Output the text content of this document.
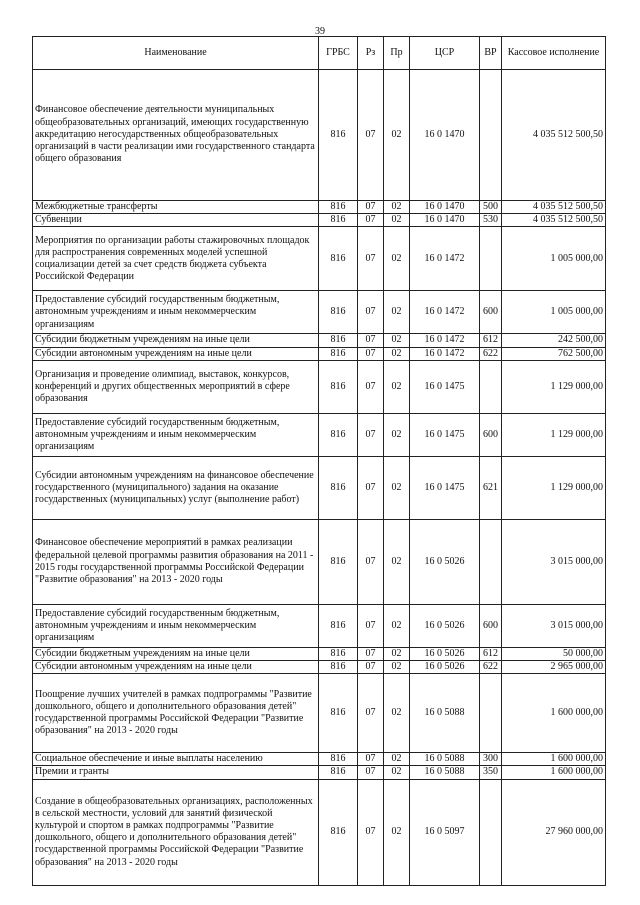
39
Наименование	ГРБС	Рз	Пр	ЦСР	ВР	Кассовое исполнение
Финансовое обеспечение деятельности муниципальных общеобразовательных организаций, имеющих государственную аккредитацию негосударственных общеобразовательных организаций в части реализации ими государственного стандарта общего образования	816	07	02	16 0 1470		4 035 512 500,50
Межбюджетные трансферты	816	07	02	16 0 1470	500	4 035 512 500,50
Субвенции	816	07	02	16 0 1470	530	4 035 512 500,50
Мероприятия по организации работы стажировочных площадок для распространения современных моделей успешной социализации детей за счет средств бюджета субъекта Российской Федерации	816	07	02	16 0 1472		1 005 000,00
Предоставление субсидий государственным бюджетным, автономным учреждениям и иным некоммерческим организациям	816	07	02	16 0 1472	600	1 005 000,00
Субсидии бюджетным учреждениям на иные цели	816	07	02	16 0 1472	612	242 500,00
Субсидии автономным учреждениям на иные цели	816	07	02	16 0 1472	622	762 500,00
Организация и проведение олимпиад, выставок, конкурсов, конференций и других общественных мероприятий в сфере образования	816	07	02	16 0 1475		1 129 000,00
Предоставление субсидий государственным бюджетным, автономным учреждениям и иным некоммерческим организациям	816	07	02	16 0 1475	600	1 129 000,00
Субсидии автономным учреждениям на финансовое обеспечение государственного (муниципального) задания на оказание государственных (муниципальных) услуг (выполнение работ)	816	07	02	16 0 1475	621	1 129 000,00
Финансовое обеспечение мероприятий в рамках реализации федеральной целевой программы развития образования на 2011 - 2015 годы государственной программы Российской Федерации "Развитие образования" на 2013 - 2020 годы	816	07	02	16 0 5026		3 015 000,00
Предоставление субсидий государственным бюджетным, автономным учреждениям и иным некоммерческим организациям	816	07	02	16 0 5026	600	3 015 000,00
Субсидии бюджетным учреждениям на иные цели	816	07	02	16 0 5026	612	50 000,00
Субсидии автономным учреждениям на иные цели	816	07	02	16 0 5026	622	2 965 000,00
Поощрение лучших учителей в рамках подпрограммы "Развитие дошкольного, общего и дополнительного образования детей" государственной программы Российской Федерации "Развитие образования" на 2013 - 2020 годы	816	07	02	16 0 5088		1 600 000,00
Социальное обеспечение и иные выплаты населению	816	07	02	16 0 5088	300	1 600 000,00
Премии и гранты	816	07	02	16 0 5088	350	1 600 000,00
Создание в общеобразовательных организациях, расположенных в сельской местности, условий для занятий физической культурой и спортом в рамках подпрограммы "Развитие дошкольного, общего и дополнительного образования детей" государственной программы Российской Федерации "Развитие образования" на 2013 - 2020 годы	816	07	02	16 0 5097		27 960 000,00
